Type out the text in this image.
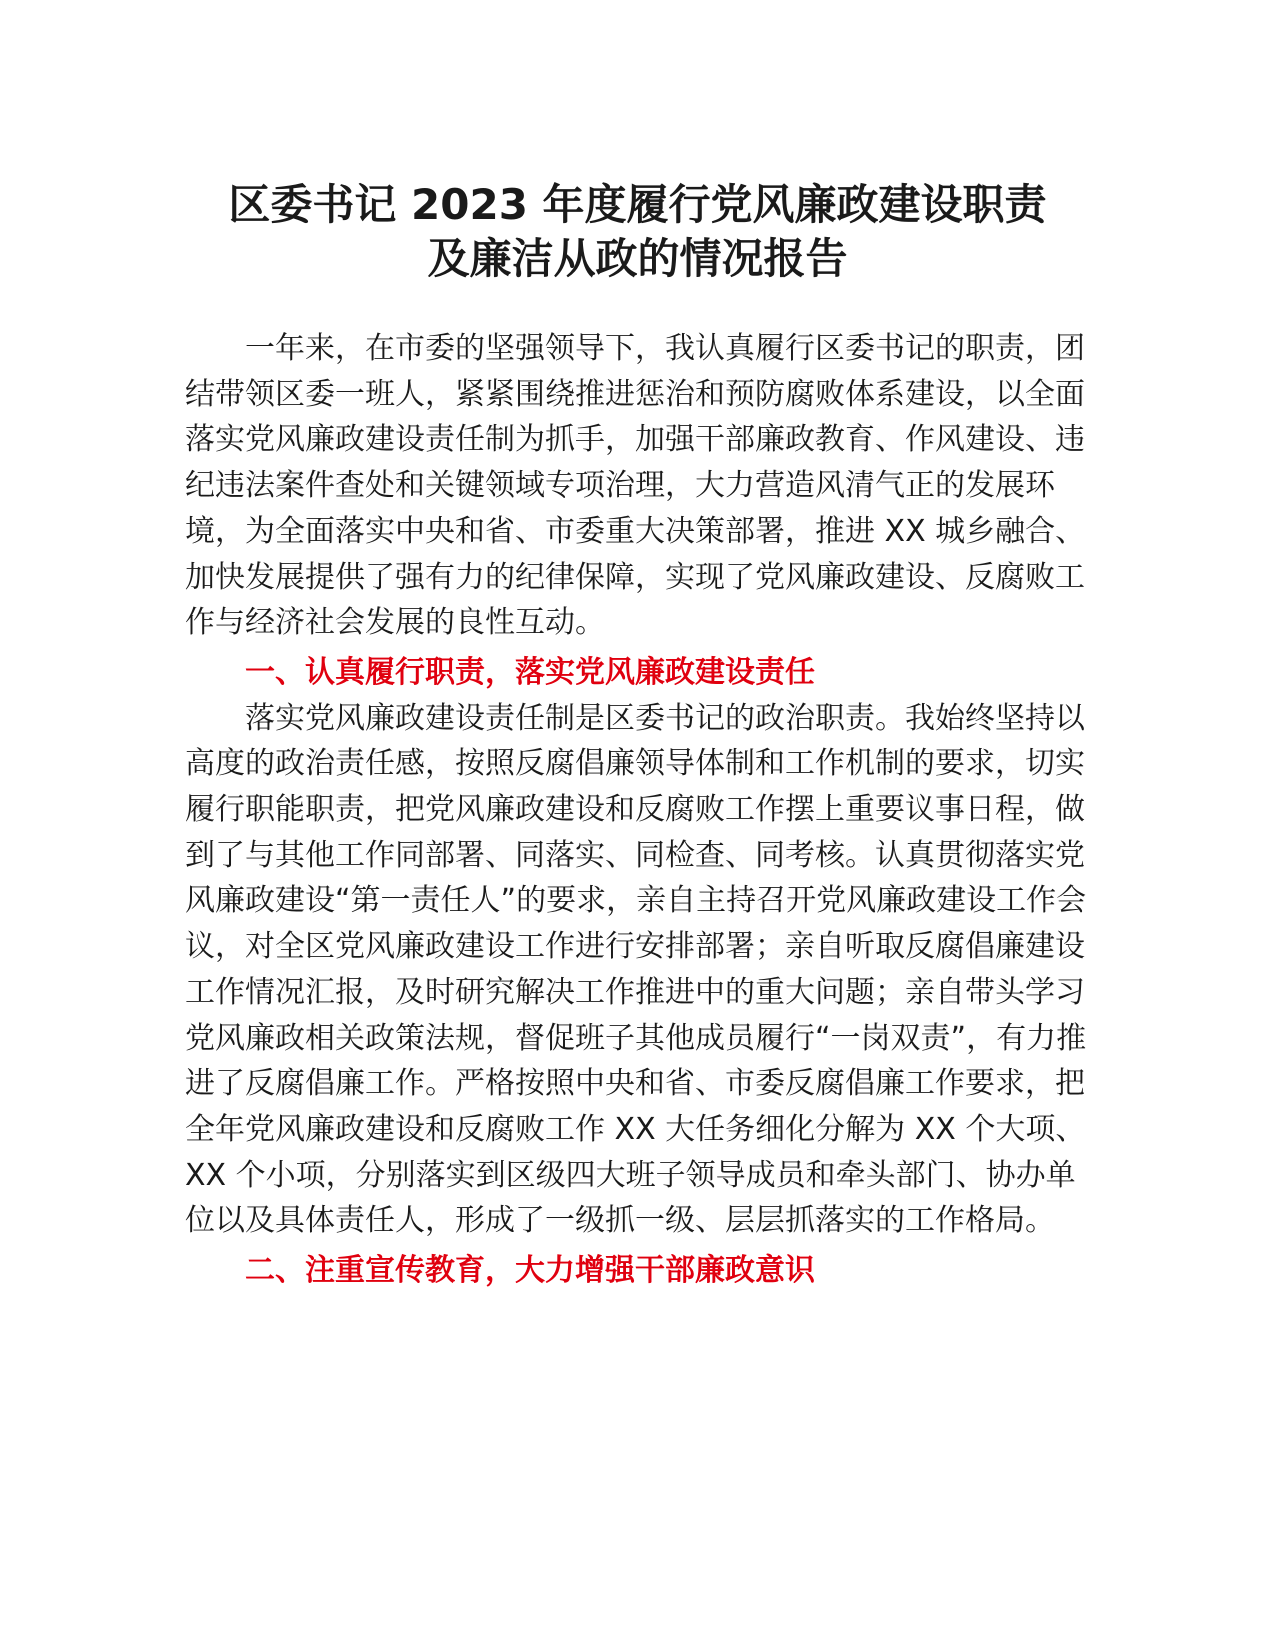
区委书记 2023 年度履行党风廉政建设职责
及廉洁从政的情况报告

一年来，在市委的坚强领导下，我认真履行区委书记的职责，团结带领区委一班人，紧紧围绕推进惩治和预防腐败体系建设，以全面落实党风廉政建设责任制为抓手，加强干部廉政教育、作风建设、违纪违法案件查处和关键领域专项治理，大力营造风清气正的发展环境，为全面落实中央和省、市委重大决策部署，推进 XX 城乡融合、加快发展提供了强有力的纪律保障，实现了党风廉政建设、反腐败工作与经济社会发展的良性互动。

一、认真履行职责，落实党风廉政建设责任

落实党风廉政建设责任制是区委书记的政治职责。我始终坚持以高度的政治责任感，按照反腐倡廉领导体制和工作机制的要求，切实履行职能职责，把党风廉政建设和反腐败工作摆上重要议事日程，做到了与其他工作同部署、同落实、同检查、同考核。认真贯彻落实党风廉政建设“第一责任人”的要求，亲自主持召开党风廉政建设工作会议，对全区党风廉政建设工作进行安排部署；亲自听取反腐倡廉建设工作情况汇报，及时研究解决工作推进中的重大问题；亲自带头学习党风廉政相关政策法规，督促班子其他成员履行“一岗双责”，有力推进了反腐倡廉工作。严格按照中央和省、市委反腐倡廉工作要求，把全年党风廉政建设和反腐败工作 XX 大任务细化分解为 XX 个大项、XX 个小项，分别落实到区级四大班子领导成员和牵头部门、协办单位以及具体责任人，形成了一级抓一级、层层抓落实的工作格局。

二、注重宣传教育，大力增强干部廉政意识
